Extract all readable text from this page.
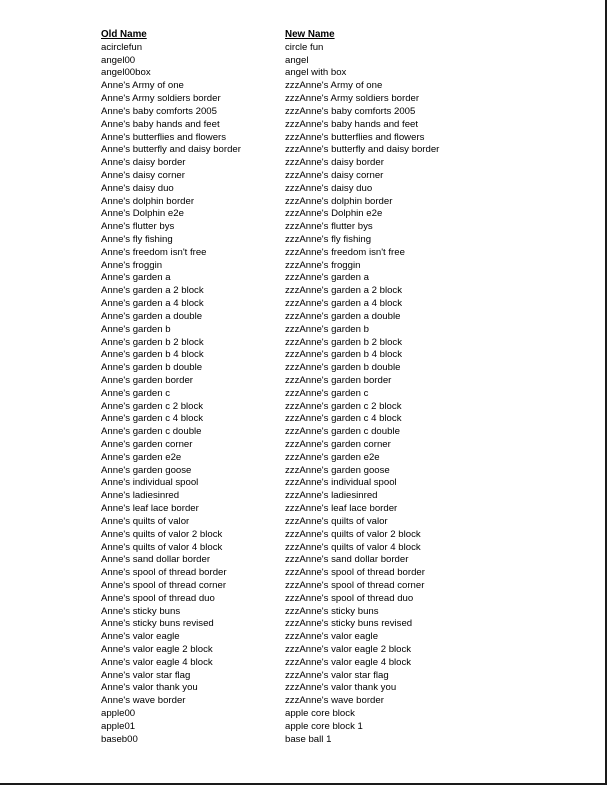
Old Name	New Name
acirclefun	circle fun
angel00	angel
angel00box	angel with box
Anne's Army of one	zzzAnne's Army of one
Anne's Army soldiers border	zzzAnne's Army soldiers border
Anne's baby comforts 2005	zzzAnne's baby comforts 2005
Anne's baby hands and feet	zzzAnne's baby hands and feet
Anne's butterflies and flowers	zzzAnne's butterflies and flowers
Anne's butterfly and daisy border	zzzAnne's butterfly and daisy border
Anne's daisy border	zzzAnne's daisy border
Anne's daisy corner	zzzAnne's daisy corner
Anne's daisy duo	zzzAnne's daisy duo
Anne's dolphin border	zzzAnne's dolphin border
Anne's Dolphin e2e	zzzAnne's Dolphin e2e
Anne's flutter bys	zzzAnne's flutter bys
Anne's fly fishing	zzzAnne's fly fishing
Anne's freedom isn't free	zzzAnne's freedom isn't free
Anne's froggin	zzzAnne's froggin
Anne's garden a	zzzAnne's garden a
Anne's garden a 2 block	zzzAnne's garden a 2 block
Anne's garden a 4 block	zzzAnne's garden a 4 block
Anne's garden a double	zzzAnne's garden a double
Anne's garden b	zzzAnne's garden b
Anne's garden b 2 block	zzzAnne's garden b 2 block
Anne's garden b 4 block	zzzAnne's garden b 4 block
Anne's garden b double	zzzAnne's garden b double
Anne's garden border	zzzAnne's garden border
Anne's garden c	zzzAnne's garden c
Anne's garden c 2 block	zzzAnne's garden c 2 block
Anne's garden c 4 block	zzzAnne's garden c 4 block
Anne's garden c double	zzzAnne's garden c double
Anne's garden corner	zzzAnne's garden corner
Anne's garden e2e	zzzAnne's garden e2e
Anne's garden goose	zzzAnne's garden goose
Anne's individual spool	zzzAnne's individual spool
Anne's ladiesinred	zzzAnne's ladiesinred
Anne's leaf lace border	zzzAnne's leaf lace border
Anne's quilts of valor	zzzAnne's quilts of valor
Anne's quilts of valor 2 block	zzzAnne's quilts of valor 2 block
Anne's quilts of valor 4 block	zzzAnne's quilts of valor 4 block
Anne's sand dollar border	zzzAnne's sand dollar border
Anne's spool of thread border	zzzAnne's spool of thread border
Anne's spool of thread corner	zzzAnne's spool of thread corner
Anne's spool of thread duo	zzzAnne's spool of thread duo
Anne's sticky buns	zzzAnne's sticky buns
Anne's sticky buns revised	zzzAnne's sticky buns revised
Anne's valor eagle	zzzAnne's valor eagle
Anne's valor eagle 2 block	zzzAnne's valor eagle 2 block
Anne's valor eagle 4 block	zzzAnne's valor eagle 4 block
Anne's valor star flag	zzzAnne's valor star flag
Anne's valor thank you	zzzAnne's valor thank you
Anne's wave border	zzzAnne's wave border
apple00	apple core block
apple01	apple core block 1
baseb00	base ball 1
